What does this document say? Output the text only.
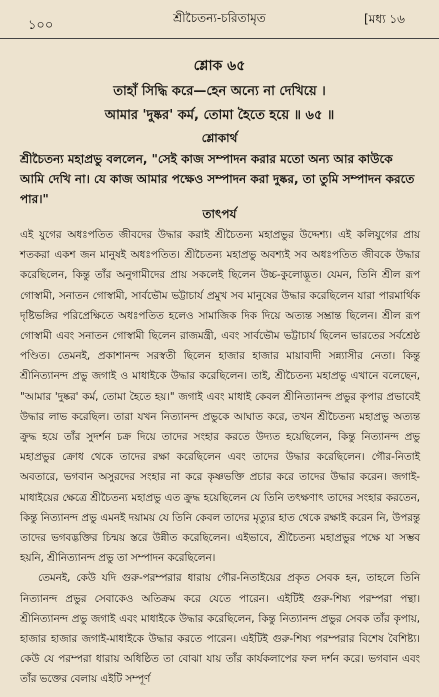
১০০	শ্রীচৈতন্য-চরিতামৃত	[মধ্য ১৬
শ্লোক ৬৫
তাহাঁ সিদ্ধি করে—হেন অন্যে না দেখিয়ে ।
আমার 'দুষ্কর' কর্ম, তোমা হৈতে হয়ে ॥ ৬৫ ॥
শ্লোকার্থ
শ্রীচৈতন্য মহাপ্রভু বললেন, "সেই কাজ সম্পাদন করার মতো অন্য আর কাউকে আমি দেখি না। যে কাজ আমার পক্ষেও সম্পাদন করা দুষ্কর, তা তুমি সম্পাদন করতে পার।"
তাৎপর্য

এই যুগের অধঃপতিত জীবদের উদ্ধার করাই শ্রীচৈতন্য মহাপ্রভুর উদ্দেশ্য। এই কলিযুগের প্রায় শতকরা একশ জন মানুষই অধঃপতিত। শ্রীচৈতন্য মহাপ্রভু অবশ্যই সব অধঃপতিত জীবকে উদ্ধার করেছিলেন, কিন্তু তাঁর অনুগামীদের প্রায় সকলেই ছিলেন উচ্চ-কুলোদ্ভূত। যেমন, তিনি শ্রীল রূপ গোস্বামী, সনাতন গোস্বামী, সার্বভৌম ভট্টাচার্য প্রমুখ সব মানুষের উদ্ধার করেছিলেন যারা পারমার্থিক দৃষ্টিভঙ্গির পরিপ্রেক্ষিতে অধঃপতিত হলেও সামাজিক দিক দিয়ে অত্যন্ত সম্ভ্রান্ত ছিলেন। শ্রীল রূপ গোস্বামী এবং সনাতন গোস্বামী ছিলেন রাজমন্ত্রী, এবং সার্বভৌম ভট্টাচার্য ছিলেন ভারতের সর্বশ্রেষ্ঠ পণ্ডিত। তেমনই, প্রকাশানন্দ সরস্বতী ছিলেন হাজার হাজার মায়াবাদী সন্ন্যাসীর নেতা। কিন্তু শ্রীনিত্যানন্দ প্রভু জগাই ও মাধাইকে উদ্ধার করেছিলেন। তাই, শ্রীচৈতন্য মহাপ্রভু এখানে বলেছেন, "আমার 'দুষ্কর' কর্ম, তোমা হৈতে হয়।" জগাই এবং মাধাই কেবল শ্রীনিত্যানন্দ প্রভুর কৃপার প্রভাবেই উদ্ধার লাভ করেছিল। তারা যখন নিত্যানন্দ প্রভুকে আঘাত করে, তখন শ্রীচৈতন্য মহাপ্রভু অত্যন্ত ক্রুদ্ধ হয়ে তাঁর সুদর্শন চক্র দিয়ে তাদের সংহার করতে উদ্যত হয়েছিলেন, কিন্তু নিত্যানন্দ প্রভু মহাপ্রভুর ক্রোধ থেকে তাদের রক্ষা করেছিলেন এবং তাদের উদ্ধার করেছিলেন। গৌর-নিতাই অবতারে, ভগবান অসুরদের সংহার না করে কৃষ্ণভক্তি প্রচার করে তাদের উদ্ধার করেন। জগাই-মাধাইয়ের ক্ষেত্রে শ্রীচৈতন্য মহাপ্রভু এত ক্রুদ্ধ হয়েছিলেন যে তিনি তৎক্ষণাৎ তাদের সংহার করতেন, কিন্তু নিত্যানন্দ প্রভু এমনই দয়াময় যে তিনি কেবল তাদের মৃত্যুর হাত থেকে রক্ষাই করেন নি, উপরন্তু তাদের ভগবদ্ভক্তির চিন্ময় স্তরে উন্নীত করেছিলেন। এইভাবে, শ্রীচৈতন্য মহাপ্রভুর পক্ষে যা সম্ভব হয়নি, শ্রীনিত্যানন্দ প্রভু তা সম্পাদন করেছিলেন।

তেমনই, কেউ যদি গুরু-পরম্পরার ধারায় গৌর-নিতাইয়ের প্রকৃত সেবক হন, তাহলে তিনি নিত্যানন্দ প্রভুর সেবাকেও অতিক্রম করে যেতে পারেন। এইটিই গুরু-শিষ্য পরম্পরা পন্থা। শ্রীনিত্যানন্দ প্রভু জগাই এবং মাধাইকে উদ্ধার করেছিলেন, কিন্তু নিত্যানন্দ প্রভুর সেবক তাঁর কৃপায়, হাজার হাজার জগাই-মাধাইকে উদ্ধার করতে পারেন। এইটিই গুরু-শিষ্য পরম্পরার বিশেষ বৈশিষ্ট্য। কেউ যে পরম্পরা ধারায় অধিষ্ঠিত তা বোঝা যায় তাঁর কার্যকলাপের ফল দর্শন করে। ভগবান এবং তাঁর ভক্তের বেলায় এইটি সম্পূর্ণ
